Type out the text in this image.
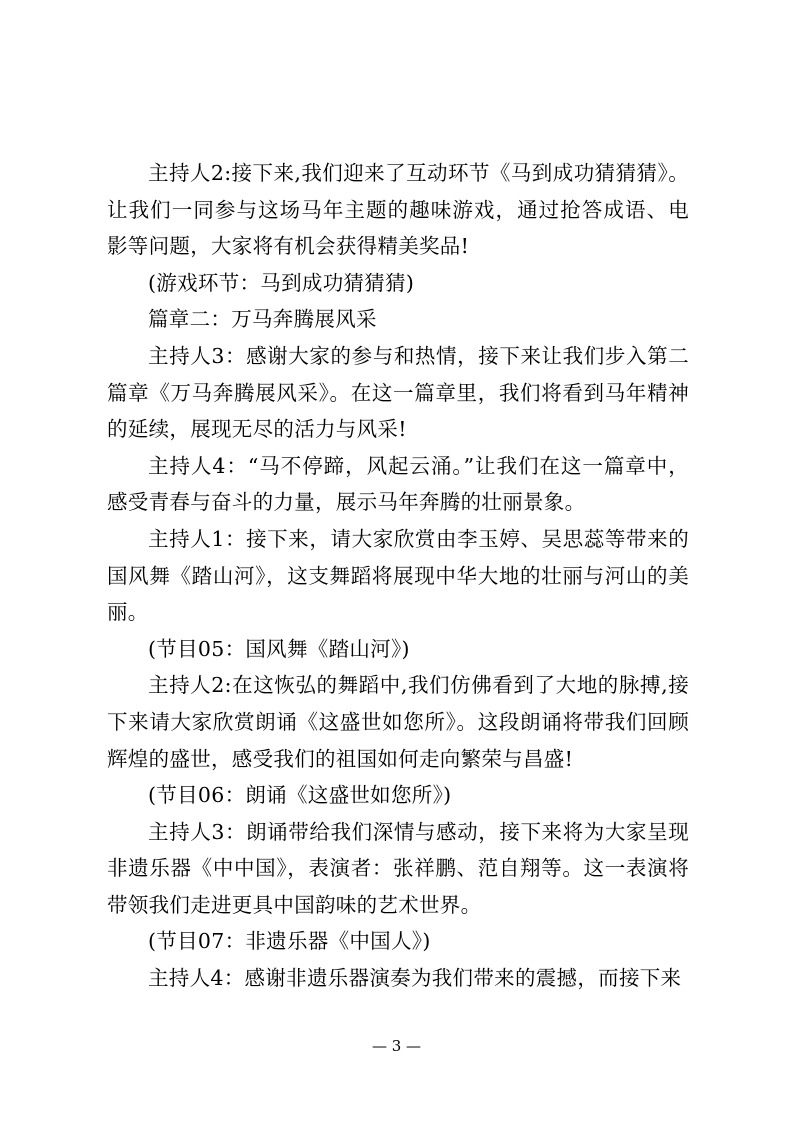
主持人2:接下来,我们迎来了互动环节《马到成功猜猜猜》。让我们一同参与这场马年主题的趣味游戏，通过抢答成语、电影等问题，大家将有机会获得精美奖品!

(游戏环节：马到成功猜猜猜)

篇章二：万马奔腾展风采

主持人3：感谢大家的参与和热情，接下来让我们步入第二篇章《万马奔腾展风采》。在这一篇章里，我们将看到马年精神的延续，展现无尽的活力与风采!

主持人4：“马不停蹄，风起云涌。”让我们在这一篇章中，感受青春与奋斗的力量，展示马年奔腾的壮丽景象。

主持人1：接下来，请大家欣赏由李玉婷、吴思蕊等带来的国风舞《踏山河》，这支舞蹈将展现中华大地的壮丽与河山的美丽。

(节目05：国风舞《踏山河》)

主持人2:在这恢弘的舞蹈中,我们仿佛看到了大地的脉搏,接下来请大家欣赏朗诵《这盛世如您所》。这段朗诵将带我们回顾辉煌的盛世，感受我们的祖国如何走向繁荣与昌盛!

(节目06：朗诵《这盛世如您所》)

主持人3：朗诵带给我们深情与感动，接下来将为大家呈现非遗乐器《中中国》，表演者：张祥鹏、范自翔等。这一表演将带领我们走进更具中国韵味的艺术世界。

(节目07：非遗乐器《中国人》)

主持人4：感谢非遗乐器演奏为我们带来的震撼，而接下来

— 3 —
